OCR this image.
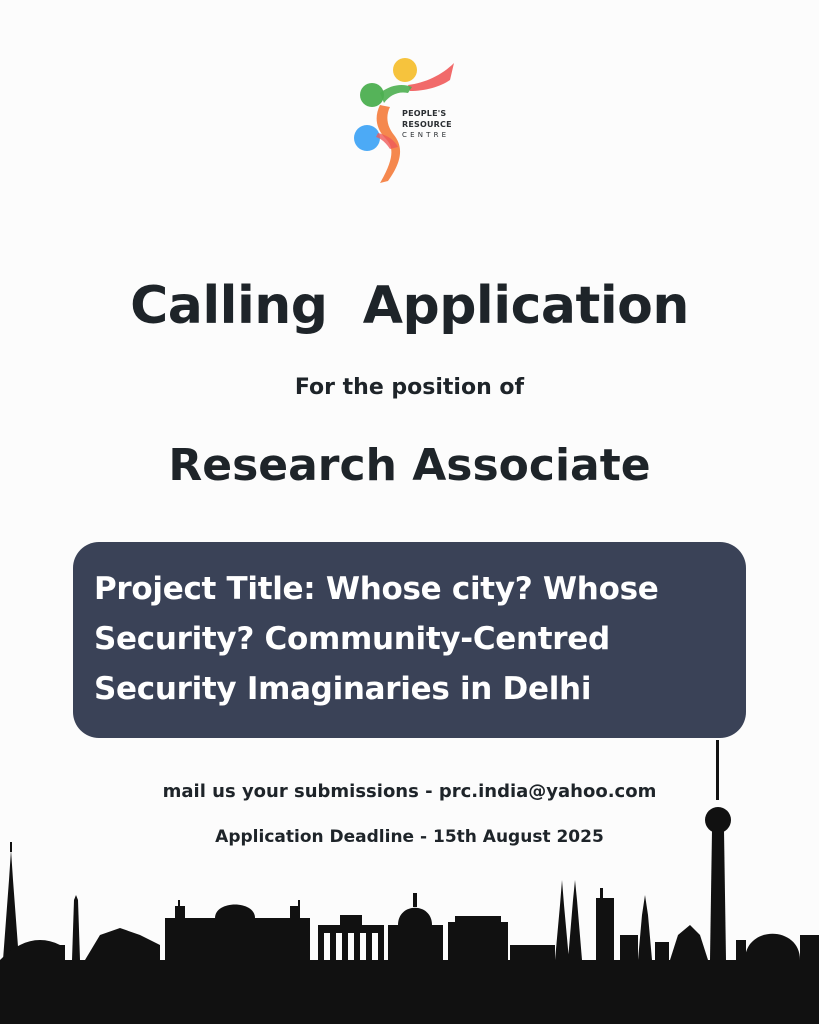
PEOPLE'S
RESOURCE
CENTRE
Calling  Application
For the position of
Research Associate
Project Title: Whose city? Whose
Security? Community-Centred
Security Imaginaries in Delhi
mail us your submissions - prc.india@yahoo.com
Application Deadline - 15th August 2025
